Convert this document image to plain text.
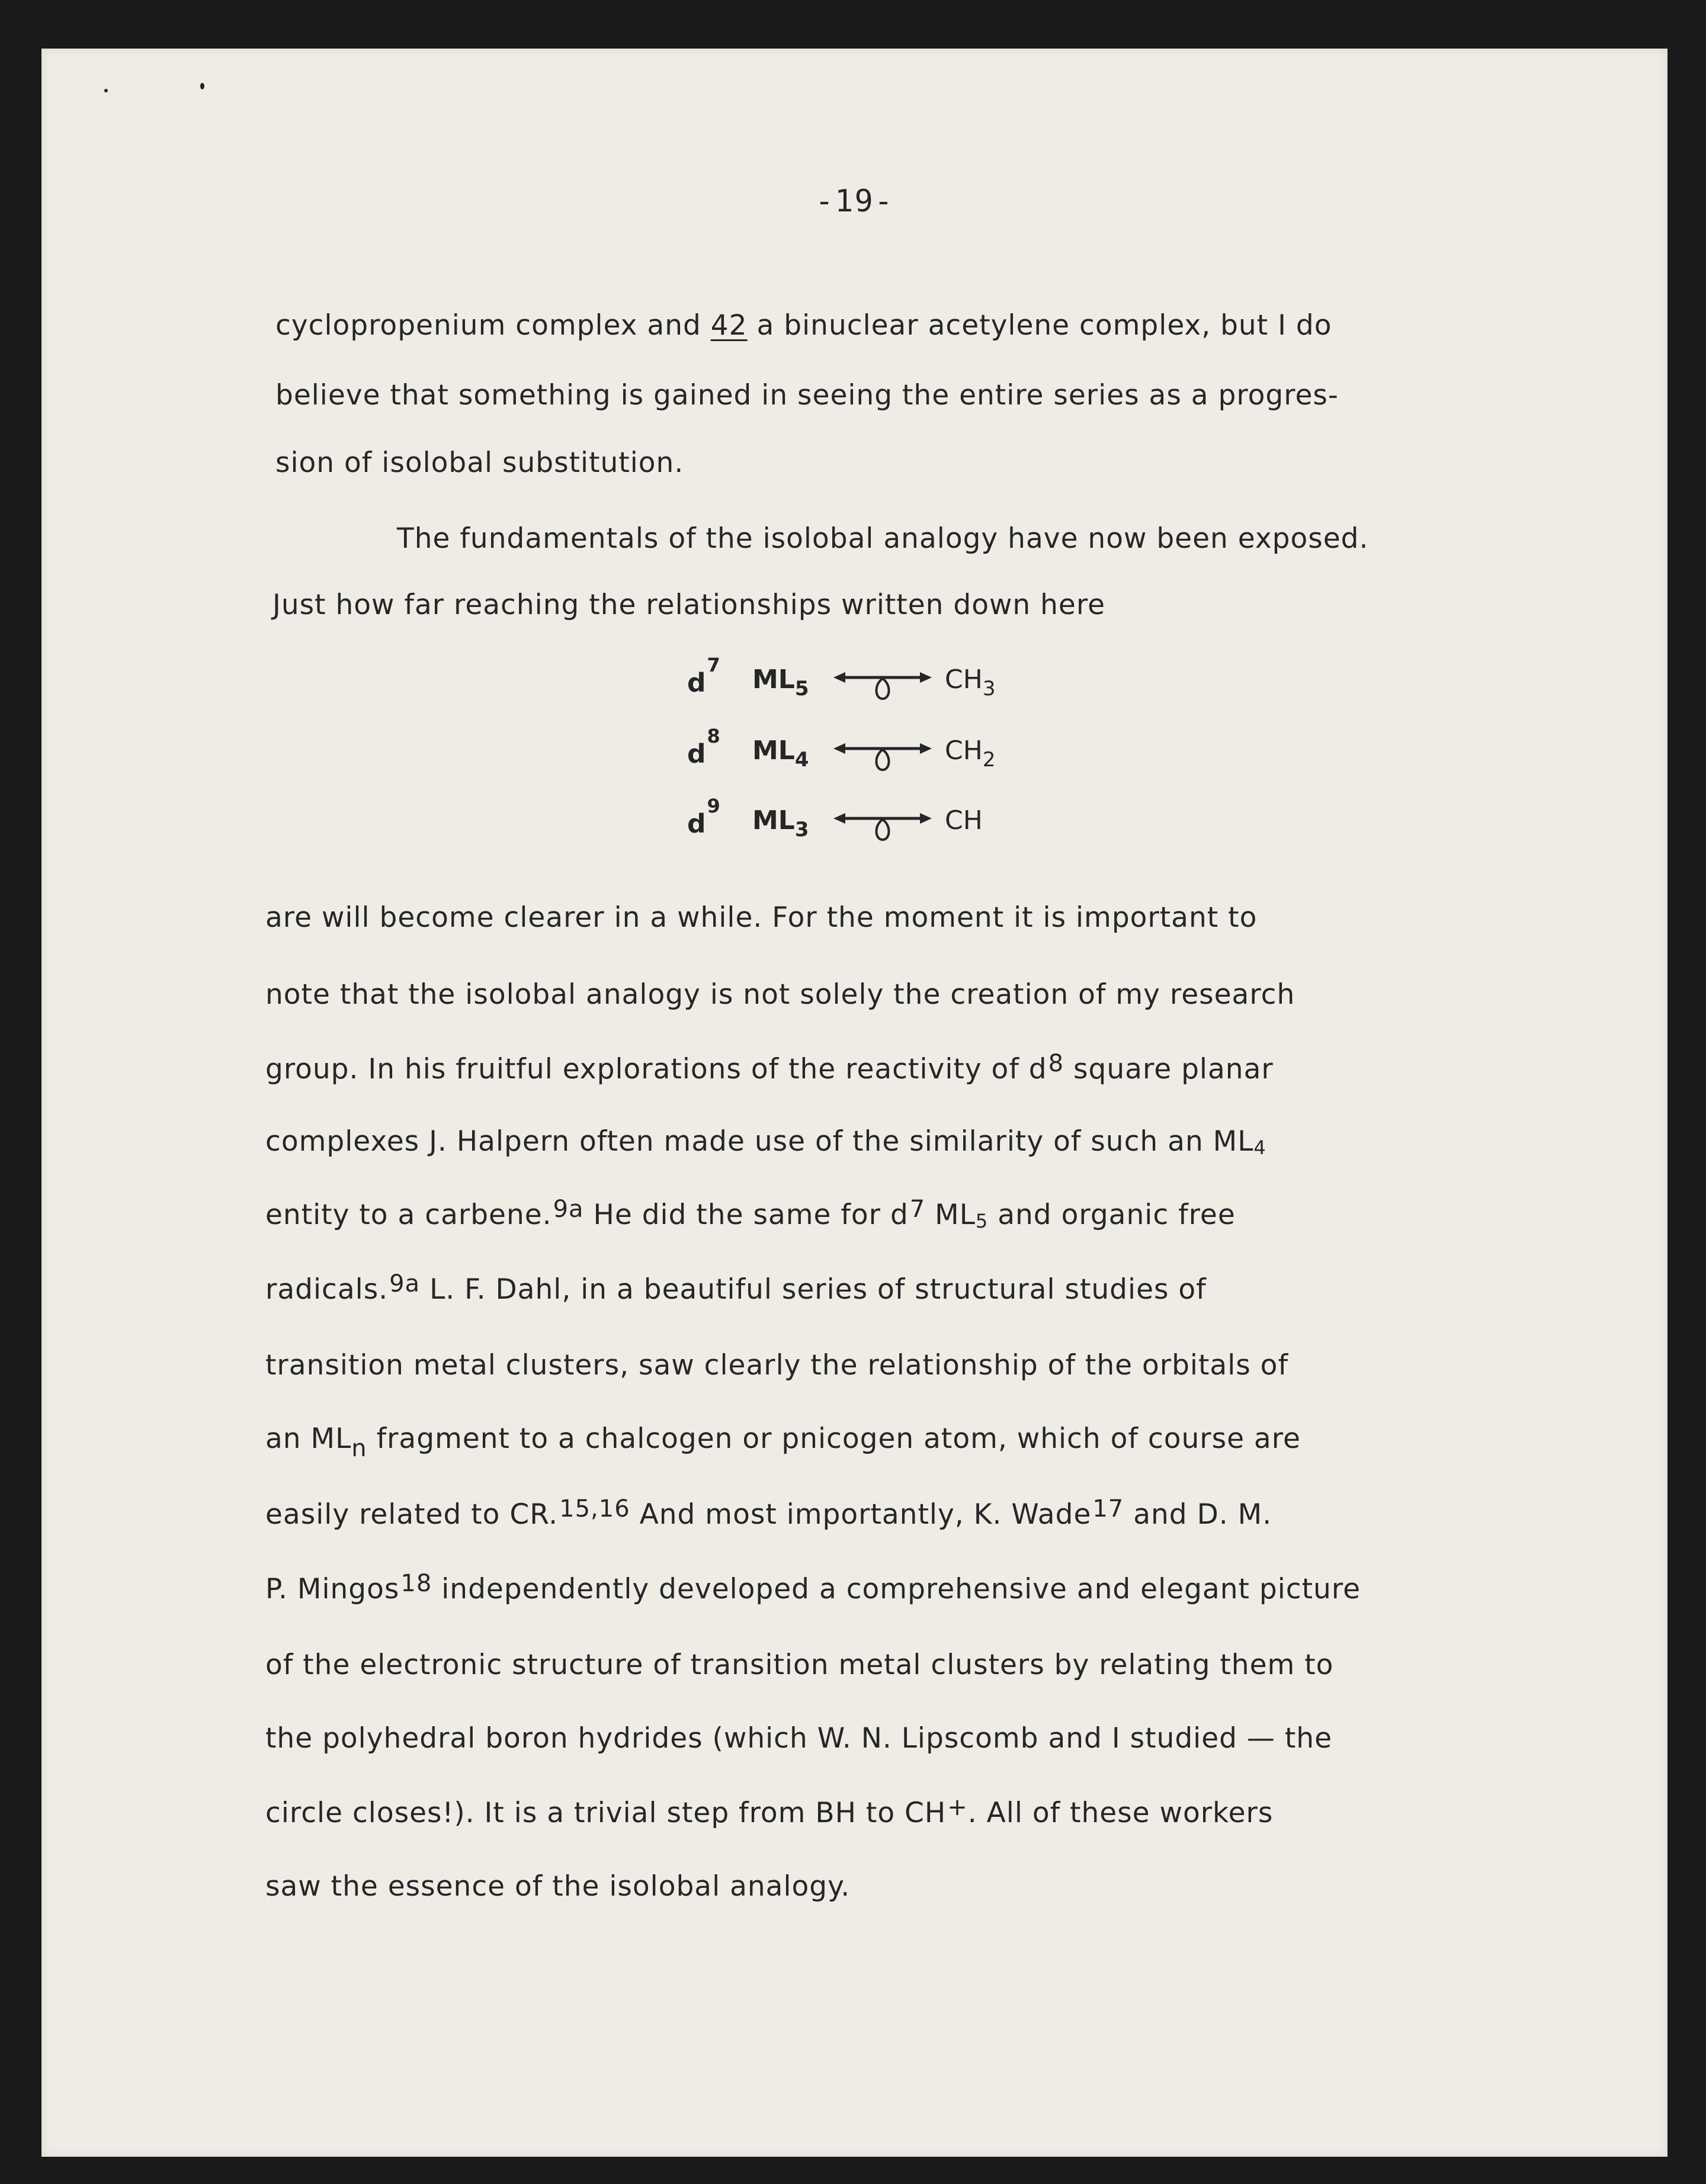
-19-
cyclopropenium complex and 42 a binuclear acetylene complex, but I do
believe that something is gained in seeing the entire series as a progres-
sion of isolobal substitution.
The fundamentals of the isolobal analogy have now been exposed.
Just how far reaching the relationships written down here
$d^7$ $ML_5$	$CH_3$
$d^8$ $ML_4$	$CH_2$
$d^9$ $ML_3$	CH
are will become clearer in a while. For the moment it is important to
note that the isolobal analogy is not solely the creation of my research
group. In his fruitful explorations of the reactivity of $d^8$ square planar
complexes J. Halpern often made use of the similarity of such an ML4
entity to a carbene.$^{9a}$ He did the same for $d^7$ ML5 and organic free
radicals.$^{9a}$ L. F. Dahl, in a beautiful series of structural studies of
transition metal clusters, saw clearly the relationship of the orbitals of
an MLn fragment to a chalcogen or pnicogen atom, which of course are
easily related to CR.$^{15,16}$ And most importantly, K. Wade$^{17}$ and D. M.
P. Mingos$^{18}$ independently developed a comprehensive and elegant picture
of the electronic structure of transition metal clusters by relating them to
the polyhedral boron hydrides (which W. N. Lipscomb and I studied — the
circle closes!). It is a trivial step from BH to CH+. All of these workers
saw the essence of the isolobal analogy.
